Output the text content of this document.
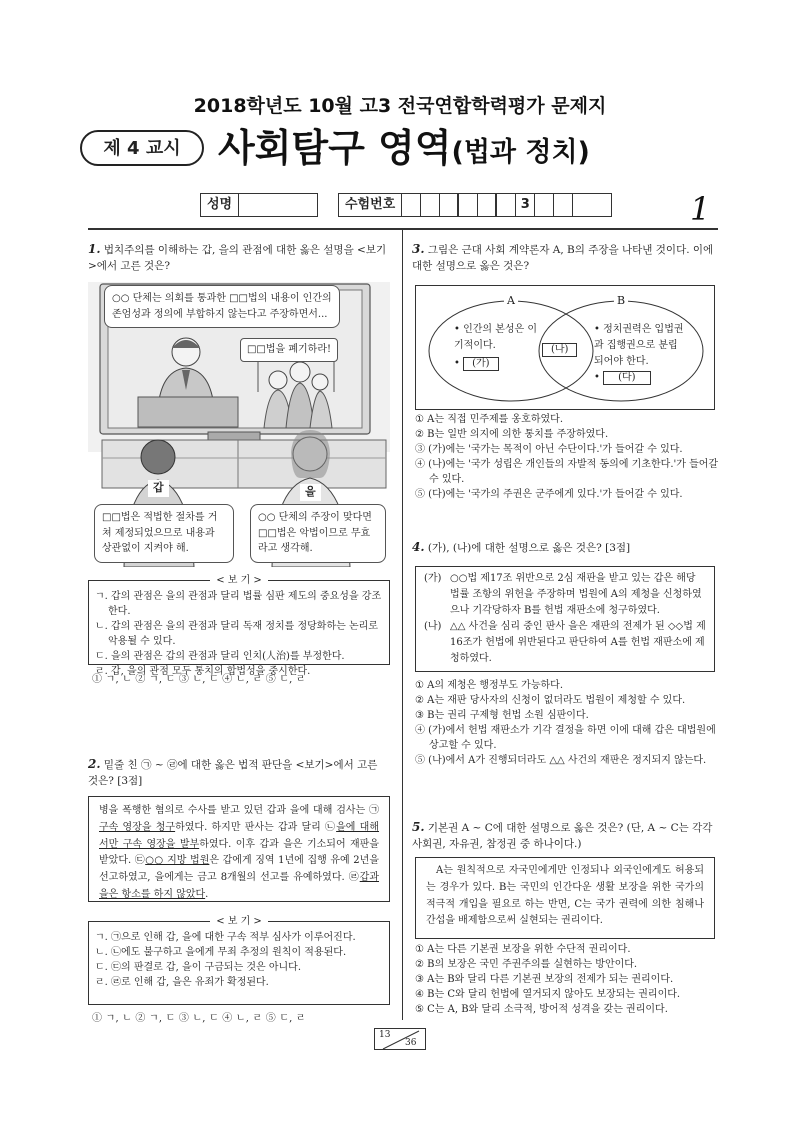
2018학년도 10월 고3 전국연합학력평가 문제지
제 4 교시 사회탐구 영역(법과 정치)
성명	수험번호	3	1
1. 법치주의를 이해하는 갑, 을의 관점에 대한 옳은 설명을 <보기>에서 고른 것은?
○○ 단체는 의회를 통과한 □□법의 내용이 인간의 존엄성과 정의에 부합하지 않는다고 주장하면서...
□□법을 폐기하라!
갑	을
□□법은 적법한 절차를 거쳐 제정되었으므로 내용과 상관없이 지켜야 해.
○○ 단체의 주장이 맞다면 □□법은 악법이므로 무효라고 생각해.
< 보 기 >

ㄱ. 갑의 관점은 을의 관점과 달리 법률 심판 제도의 중요성을 강조한다.

ㄴ. 갑의 관점은 을의 관점과 달리 독재 정치를 정당화하는 논리로 악용될 수 있다.

ㄷ. 을의 관점은 갑의 관점과 달리 인치(人治)를 부정한다.

ㄹ. 갑, 을의 관점 모두 통치의 합법성을 중시한다.

① ㄱ, ㄴ ② ㄱ, ㄷ ③ ㄴ, ㄷ ④ ㄴ, ㄹ ⑤ ㄷ, ㄹ
2. 밑줄 친 ㉠ ~ ㉣에 대한 옳은 법적 판단을 <보기>에서 고른 것은? [3점]
병을 폭행한 혐의로 수사를 받고 있던 갑과 을에 대해 검사는 ㉠구속 영장을 청구하였다. 하지만 판사는 갑과 달리 ㉡을에 대해서만 구속 영장을 발부하였다. 이후 갑과 을은 기소되어 재판을 받았다. ㉢○○ 지방 법원은 갑에게 징역 1년에 집행 유예 2년을 선고하였고, 을에게는 금고 8개월의 선고를 유예하였다. ㉣갑과 을은 항소를 하지 않았다.
< 보 기 >

ㄱ. ㉠으로 인해 갑, 을에 대한 구속 적부 심사가 이루어진다.

ㄴ. ㉡에도 불구하고 을에게 무죄 추정의 원칙이 적용된다.

ㄷ. ㉢의 판결로 갑, 을이 구금되는 것은 아니다.

ㄹ. ㉣로 인해 갑, 을은 유죄가 확정된다.

① ㄱ, ㄴ ② ㄱ, ㄷ ③ ㄴ, ㄷ ④ ㄴ, ㄹ ⑤ ㄷ, ㄹ
3. 그림은 근대 사회 계약론자 A, B의 주장을 나타낸 것이다. 이에 대한 설명으로 옳은 것은?
A	B
• 인간의 본성은 이기적이다.
• (가)
(나)
• 정치권력은 입법권과 집행권으로 분립되어야 한다.
• (다)

① A는 직접 민주제를 옹호하였다.

② B는 일반 의지에 의한 통치를 주장하였다.

③ (가)에는 '국가는 목적이 아닌 수단이다.'가 들어갈 수 있다.

④ (나)에는 '국가 성립은 개인들의 자발적 동의에 기초한다.'가 들어갈 수 있다.

⑤ (다)에는 '국가의 주권은 군주에게 있다.'가 들어갈 수 있다.

4. (가), (나)에 대한 설명으로 옳은 것은? [3점]
(가) ○○법 제17조 위반으로 2심 재판을 받고 있는 갑은 해당 법률 조항의 위헌을 주장하며 법원에 A의 제청을 신청하였으나 기각당하자 B를 헌법 재판소에 청구하였다.
(나) △△ 사건을 심리 중인 판사 을은 재판의 전제가 된 ◇◇법 제16조가 헌법에 위반된다고 판단하여 A를 헌법 재판소에 제청하였다.

① A의 제청은 행정부도 가능하다.

② A는 재판 당사자의 신청이 없더라도 법원이 제청할 수 있다.

③ B는 권리 구제형 헌법 소원 심판이다.

④ (가)에서 헌법 재판소가 기각 결정을 하면 이에 대해 갑은 대법원에 상고할 수 있다.

⑤ (나)에서 A가 진행되더라도 △△ 사건의 재판은 정지되지 않는다.

5. 기본권 A ~ C에 대한 설명으로 옳은 것은? (단, A ~ C는 각각 사회권, 자유권, 참정권 중 하나이다.)
A는 원칙적으로 자국민에게만 인정되나 외국인에게도 허용되는 경우가 있다. B는 국민의 인간다운 생활 보장을 위한 국가의 적극적 개입을 필요로 하는 반면, C는 국가 권력에 의한 침해나 간섭을 배제함으로써 실현되는 권리이다.

① A는 다른 기본권 보장을 위한 수단적 권리이다.

② B의 보장은 국민 주권주의를 실현하는 방안이다.

③ A는 B와 달리 다른 기본권 보장의 전제가 되는 권리이다.

④ B는 C와 달리 헌법에 열거되지 않아도 보장되는 권리이다.

⑤ C는 A, B와 달리 소극적, 방어적 성격을 갖는 권리이다.

13
36
